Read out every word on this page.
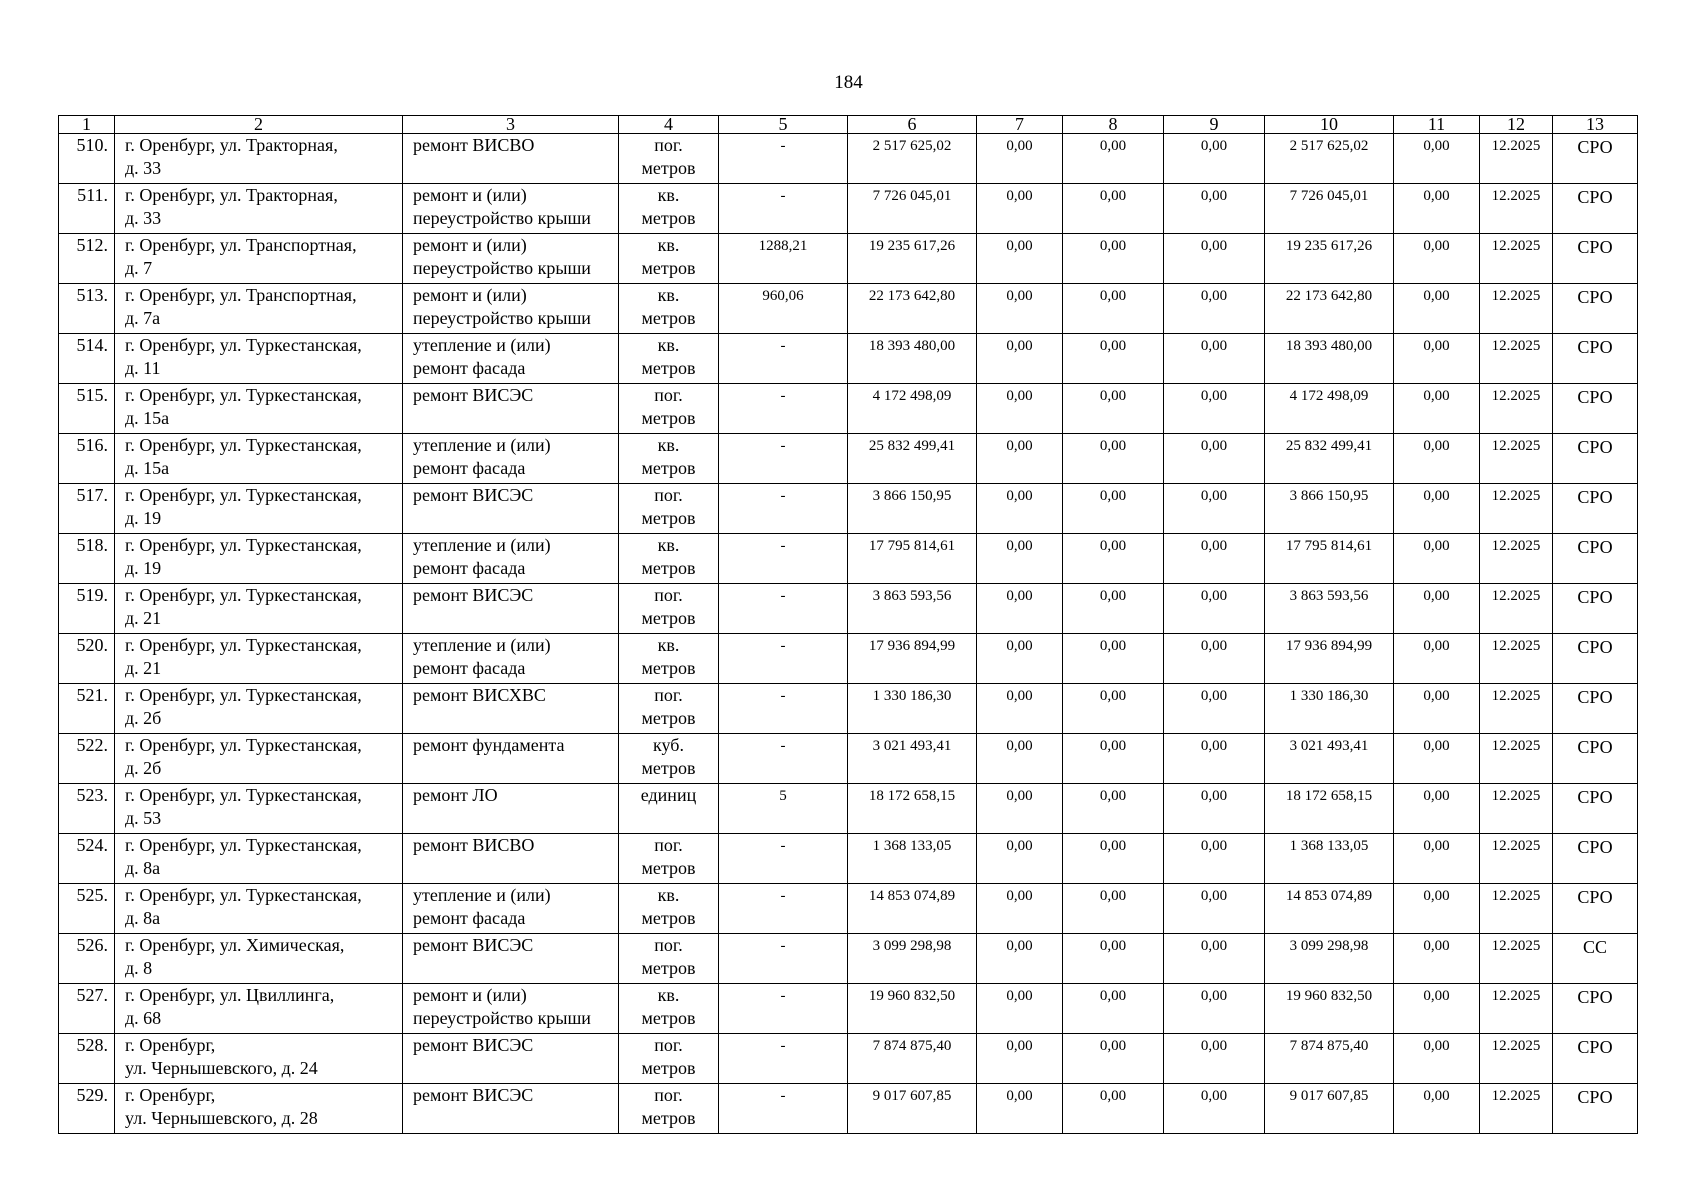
184
1	2	3	4	5	6	7	8	9	10	11	12	13
510.	г. Оренбург, ул. Тракторная,
д. 33	ремонт ВИСВО	пог.
метров	-	2 517 625,02	0,00	0,00	0,00	2 517 625,02	0,00	12.2025	СРО
511.	г. Оренбург, ул. Тракторная,
д. 33	ремонт и (или)
переустройство крыши	кв.
метров	-	7 726 045,01	0,00	0,00	0,00	7 726 045,01	0,00	12.2025	СРО
512.	г. Оренбург, ул. Транспортная,
д. 7	ремонт и (или)
переустройство крыши	кв.
метров	1288,21	19 235 617,26	0,00	0,00	0,00	19 235 617,26	0,00	12.2025	СРО
513.	г. Оренбург, ул. Транспортная,
д. 7а	ремонт и (или)
переустройство крыши	кв.
метров	960,06	22 173 642,80	0,00	0,00	0,00	22 173 642,80	0,00	12.2025	СРО
514.	г. Оренбург, ул. Туркестанская,
д. 11	утепление и (или)
ремонт фасада	кв.
метров	-	18 393 480,00	0,00	0,00	0,00	18 393 480,00	0,00	12.2025	СРО
515.	г. Оренбург, ул. Туркестанская,
д. 15а	ремонт ВИСЭС	пог.
метров	-	4 172 498,09	0,00	0,00	0,00	4 172 498,09	0,00	12.2025	СРО
516.	г. Оренбург, ул. Туркестанская,
д. 15а	утепление и (или)
ремонт фасада	кв.
метров	-	25 832 499,41	0,00	0,00	0,00	25 832 499,41	0,00	12.2025	СРО
517.	г. Оренбург, ул. Туркестанская,
д. 19	ремонт ВИСЭС	пог.
метров	-	3 866 150,95	0,00	0,00	0,00	3 866 150,95	0,00	12.2025	СРО
518.	г. Оренбург, ул. Туркестанская,
д. 19	утепление и (или)
ремонт фасада	кв.
метров	-	17 795 814,61	0,00	0,00	0,00	17 795 814,61	0,00	12.2025	СРО
519.	г. Оренбург, ул. Туркестанская,
д. 21	ремонт ВИСЭС	пог.
метров	-	3 863 593,56	0,00	0,00	0,00	3 863 593,56	0,00	12.2025	СРО
520.	г. Оренбург, ул. Туркестанская,
д. 21	утепление и (или)
ремонт фасада	кв.
метров	-	17 936 894,99	0,00	0,00	0,00	17 936 894,99	0,00	12.2025	СРО
521.	г. Оренбург, ул. Туркестанская,
д. 2б	ремонт ВИСХВС	пог.
метров	-	1 330 186,30	0,00	0,00	0,00	1 330 186,30	0,00	12.2025	СРО
522.	г. Оренбург, ул. Туркестанская,
д. 2б	ремонт фундамента	куб.
метров	-	3 021 493,41	0,00	0,00	0,00	3 021 493,41	0,00	12.2025	СРО
523.	г. Оренбург, ул. Туркестанская,
д. 53	ремонт ЛО	единиц	5	18 172 658,15	0,00	0,00	0,00	18 172 658,15	0,00	12.2025	СРО
524.	г. Оренбург, ул. Туркестанская,
д. 8а	ремонт ВИСВО	пог.
метров	-	1 368 133,05	0,00	0,00	0,00	1 368 133,05	0,00	12.2025	СРО
525.	г. Оренбург, ул. Туркестанская,
д. 8а	утепление и (или)
ремонт фасада	кв.
метров	-	14 853 074,89	0,00	0,00	0,00	14 853 074,89	0,00	12.2025	СРО
526.	г. Оренбург, ул. Химическая,
д. 8	ремонт ВИСЭС	пог.
метров	-	3 099 298,98	0,00	0,00	0,00	3 099 298,98	0,00	12.2025	СС
527.	г. Оренбург, ул. Цвиллинга,
д. 68	ремонт и (или)
переустройство крыши	кв.
метров	-	19 960 832,50	0,00	0,00	0,00	19 960 832,50	0,00	12.2025	СРО
528.	г. Оренбург,
ул. Чернышевского, д. 24	ремонт ВИСЭС	пог.
метров	-	7 874 875,40	0,00	0,00	0,00	7 874 875,40	0,00	12.2025	СРО
529.	г. Оренбург,
ул. Чернышевского, д. 28	ремонт ВИСЭС	пог.
метров	-	9 017 607,85	0,00	0,00	0,00	9 017 607,85	0,00	12.2025	СРО
